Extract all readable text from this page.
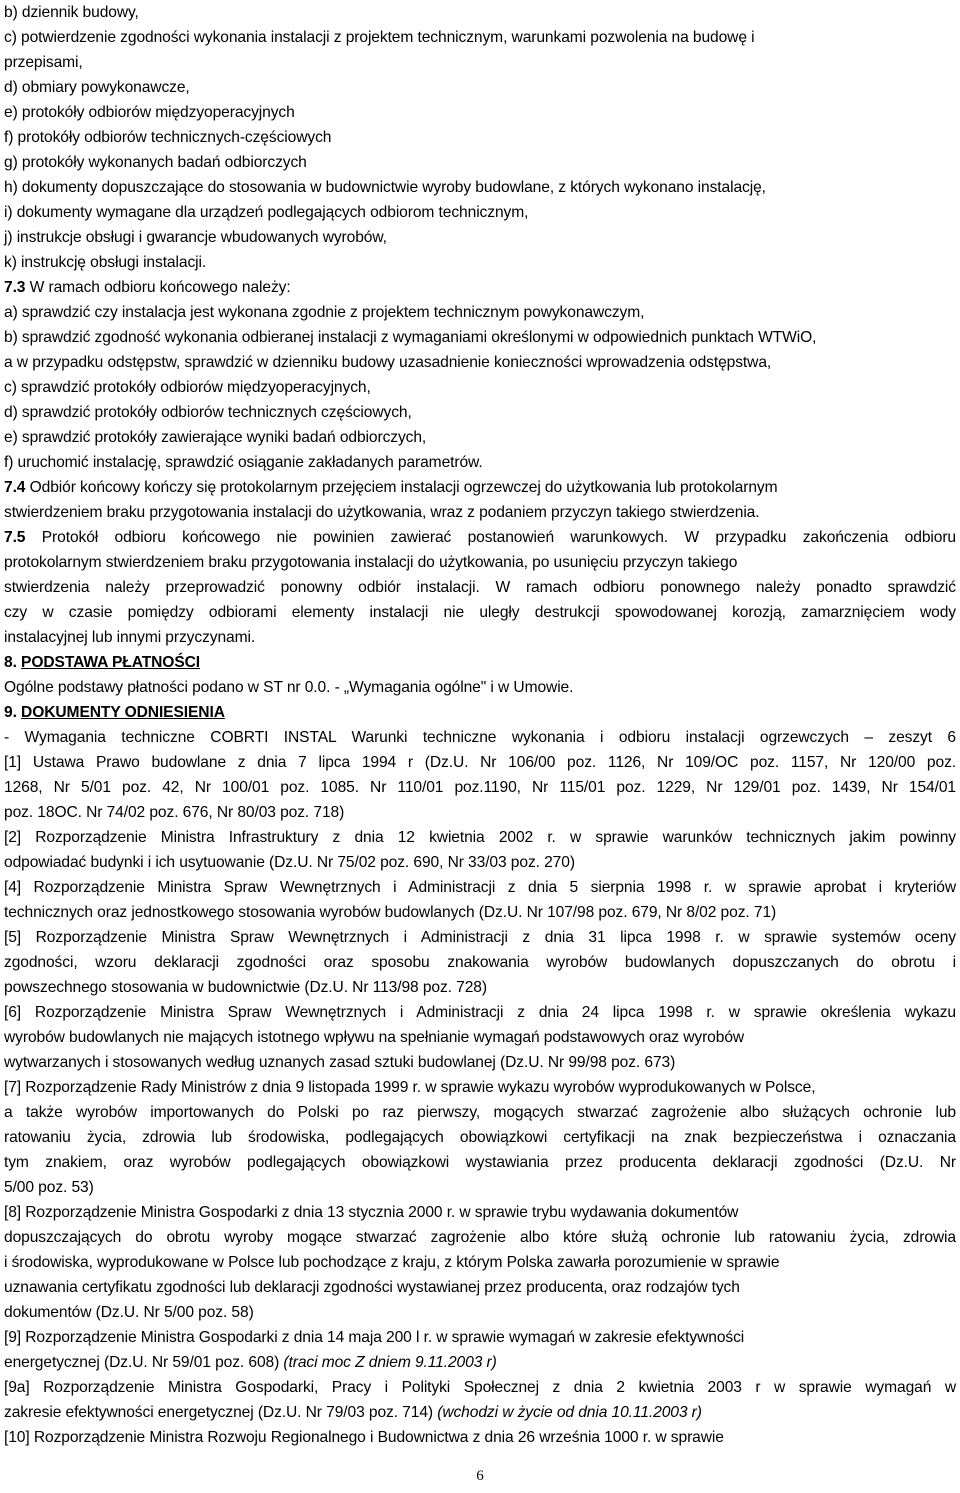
b) dziennik budowy,
c) potwierdzenie zgodności wykonania instalacji z projektem technicznym, warunkami pozwolenia na budowę i
przepisami,
d) obmiary powykonawcze,
e) protokóły odbiorów międzyoperacyjnych
f) protokóły odbiorów technicznych-częściowych
g) protokóły wykonanych badań odbiorczych
h) dokumenty dopuszczające do stosowania w budownictwie wyroby budowlane, z których wykonano instalację,
i) dokumenty wymagane dla urządzeń podlegających odbiorom technicznym,
j) instrukcje obsługi i gwarancje wbudowanych wyrobów,
k) instrukcję obsługi instalacji.
7.3 W ramach odbioru końcowego należy:
a) sprawdzić czy instalacja jest wykonana zgodnie z projektem technicznym powykonawczym,
b) sprawdzić zgodność wykonania odbieranej instalacji z wymaganiami określonymi w odpowiednich punktach WTWiO,
a w przypadku odstępstw, sprawdzić w dzienniku budowy uzasadnienie konieczności wprowadzenia odstępstwa,
c) sprawdzić protokóły odbiorów międzyoperacyjnych,
d) sprawdzić protokóły odbiorów technicznych częściowych,
e) sprawdzić protokóły zawierające wyniki badań odbiorczych,
f) uruchomić instalację, sprawdzić osiąganie zakładanych parametrów.
7.4 Odbiór końcowy kończy się protokolarnym przejęciem instalacji ogrzewczej do użytkowania lub protokolarnym
stwierdzeniem braku przygotowania instalacji do użytkowania, wraz z podaniem przyczyn takiego stwierdzenia.
7.5 Protokół odbioru końcowego nie powinien zawierać postanowień warunkowych. W przypadku zakończenia odbioru
protokolarnym stwierdzeniem braku przygotowania instalacji do użytkowania, po usunięciu przyczyn takiego
stwierdzenia należy przeprowadzić ponowny odbiór instalacji. W ramach odbioru ponownego należy ponadto sprawdzić
czy w czasie pomiędzy odbiorami elementy instalacji nie uległy destrukcji spowodowanej korozją, zamarznięciem wody
instalacyjnej lub innymi przyczynami.
8. PODSTAWA PŁATNOŚCI
Ogólne podstawy płatności podano w ST nr 0.0. - „Wymagania ogólne" i w Umowie.
9. DOKUMENTY ODNIESIENIA
- Wymagania techniczne COBRTI INSTAL Warunki techniczne wykonania i odbioru instalacji ogrzewczych – zeszyt 6
[1] Ustawa Prawo budowlane z dnia 7 lipca 1994 r (Dz.U. Nr 106/00 poz. 1126, Nr 109/OC poz. 1157, Nr 120/00 poz.
1268, Nr 5/01 poz. 42, Nr 100/01 poz. 1085. Nr 110/01 poz.1190, Nr 115/01 poz. 1229, Nr 129/01 poz. 1439, Nr 154/01
poz. 18OC. Nr 74/02 poz. 676, Nr 80/03 poz. 718)
[2] Rozporządzenie Ministra Infrastruktury z dnia 12 kwietnia 2002 r. w sprawie warunków technicznych jakim powinny
odpowiadać budynki i ich usytuowanie (Dz.U. Nr 75/02 poz. 690, Nr 33/03 poz. 270)
[4] Rozporządzenie Ministra Spraw Wewnętrznych i Administracji z dnia 5 sierpnia 1998 r. w sprawie aprobat i kryteriów
technicznych oraz jednostkowego stosowania wyrobów budowlanych (Dz.U. Nr 107/98 poz. 679, Nr 8/02 poz. 71)
[5] Rozporządzenie Ministra Spraw Wewnętrznych i Administracji z dnia 31 lipca 1998 r. w sprawie systemów oceny
zgodności, wzoru deklaracji zgodności oraz sposobu znakowania wyrobów budowlanych dopuszczanych do obrotu i
powszechnego stosowania w budownictwie (Dz.U. Nr 113/98 poz. 728)
[6] Rozporządzenie Ministra Spraw Wewnętrznych i Administracji z dnia 24 lipca 1998 r. w sprawie określenia wykazu
wyrobów budowlanych nie mających istotnego wpływu na spełnianie wymagań podstawowych oraz wyrobów
wytwarzanych i stosowanych według uznanych zasad sztuki budowlanej (Dz.U. Nr 99/98 poz. 673)
[7] Rozporządzenie Rady Ministrów z dnia 9 listopada 1999 r. w sprawie wykazu wyrobów wyprodukowanych w Polsce,
a także wyrobów importowanych do Polski po raz pierwszy, mogących stwarzać zagrożenie albo służących ochronie lub
ratowaniu życia, zdrowia lub środowiska, podlegających obowiązkowi certyfikacji na znak bezpieczeństwa i oznaczania
tym znakiem, oraz wyrobów podlegających obowiązkowi wystawiania przez producenta deklaracji zgodności (Dz.U. Nr
5/00 poz. 53)
[8] Rozporządzenie Ministra Gospodarki z dnia 13 stycznia 2000 r. w sprawie trybu wydawania dokumentów
dopuszczających do obrotu wyroby mogące stwarzać zagrożenie albo które służą ochronie lub ratowaniu życia, zdrowia
i środowiska, wyprodukowane w Polsce lub pochodzące z kraju, z którym Polska zawarła porozumienie w sprawie
uznawania certyfikatu zgodności lub deklaracji zgodności wystawianej przez producenta, oraz rodzajów tych
dokumentów (Dz.U. Nr 5/00 poz. 58)
[9] Rozporządzenie Ministra Gospodarki z dnia 14 maja 200 l r. w sprawie wymagań w zakresie efektywności
energetycznej (Dz.U. Nr 59/01 poz. 608) (traci moc Z dniem 9.11.2003 r)
[9a] Rozporządzenie Ministra Gospodarki, Pracy i Polityki Społecznej z dnia 2 kwietnia 2003 r w sprawie wymagań w
zakresie efektywności energetycznej (Dz.U. Nr 79/03 poz. 714) (wchodzi w życie od dnia 10.11.2003 r)
[10] Rozporządzenie Ministra Rozwoju Regionalnego i Budownictwa z dnia 26 września 1000 r. w sprawie
6
